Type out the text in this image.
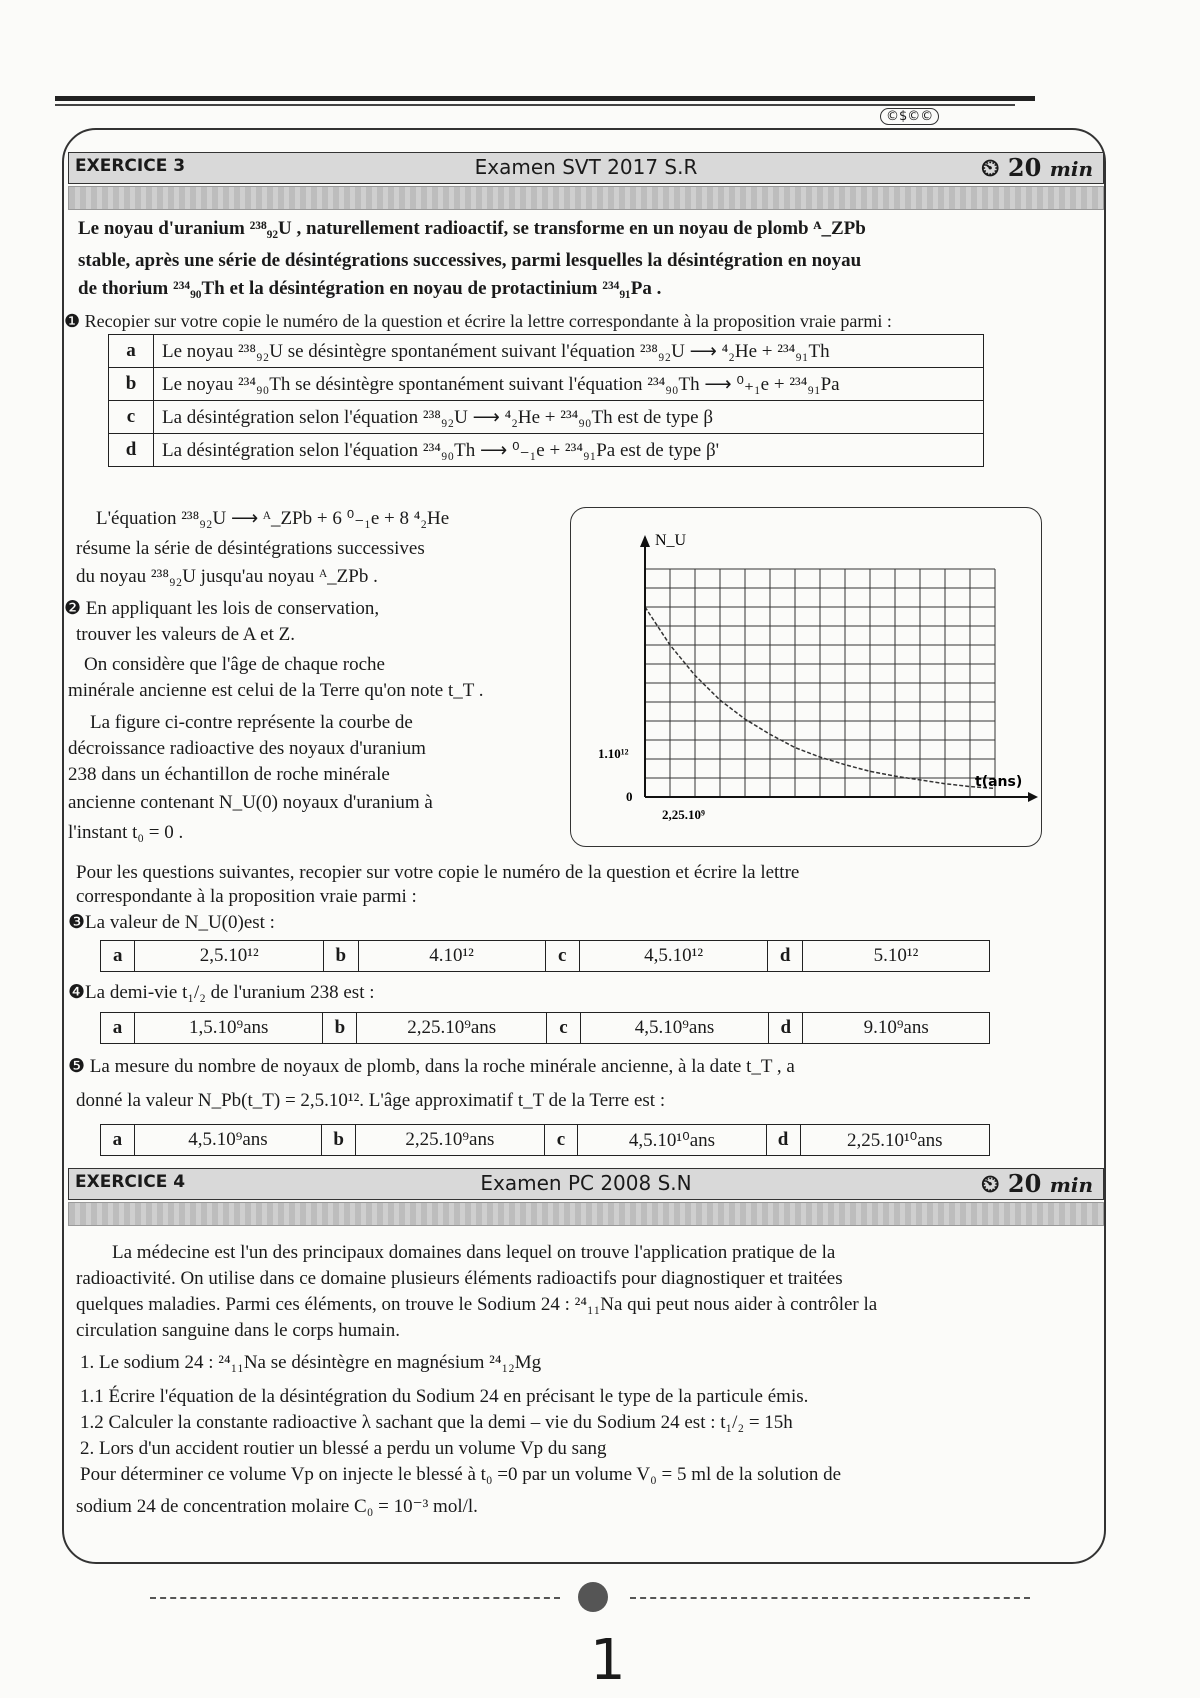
©$©©
EXERCICE 3	Examen SVT 2017 S.R	⏲ 20 min
Le noyau d'uranium ²³⁸₉₂U , naturellement radioactif, se transforme en un noyau de plomb ᴬ_ZPb
stable, après une série de désintégrations successives, parmi lesquelles la désintégration en noyau
de thorium ²³⁴₉₀Th et la désintégration en noyau de protactinium ²³⁴₉₁Pa .
❶ Recopier sur votre copie le numéro de la question et écrire la lettre correspondante à la proposition vraie parmi :
a	Le noyau ²³⁸₉₂U se désintègre spontanément suivant l'équation ²³⁸₉₂U ⟶ ⁴₂He + ²³⁴₉₁Th
b	Le noyau ²³⁴₉₀Th se désintègre spontanément suivant l'équation ²³⁴₉₀Th ⟶ ⁰₊₁e + ²³⁴₉₁Pa
c	La désintégration selon l'équation ²³⁸₉₂U ⟶ ⁴₂He + ²³⁴₉₀Th est de type β
d	La désintégration selon l'équation ²³⁴₉₀Th ⟶ ⁰₋₁e + ²³⁴₉₁Pa est de type β'
L'équation ²³⁸₉₂U ⟶ ᴬ_ZPb + 6 ⁰₋₁e + 8 ⁴₂He
résume la série de désintégrations successives
du noyau ²³⁸₉₂U jusqu'au noyau ᴬ_ZPb .
❷ En appliquant les lois de conservation,
trouver les valeurs de A et Z.
On considère que l'âge de chaque roche
minérale ancienne est celui de la Terre qu'on note t_T .
La figure ci-contre représente la courbe de
décroissance radioactive des noyaux d'uranium
238 dans un échantillon de roche minérale
ancienne contenant N_U(0) noyaux d'uranium à
l'instant t₀ = 0 .
N_U
t(ans)
1.10¹²
0
2,25.10⁹
Pour les questions suivantes, recopier sur votre copie le numéro de la question et écrire la lettre
correspondante à la proposition vraie parmi :
❸La valeur de N_U(0)est :
a	2,5.10¹²	b	4.10¹²	c	4,5.10¹²	d	5.10¹²
❹La demi-vie t₁/₂ de l'uranium 238 est :
a	1,5.10⁹ans	b	2,25.10⁹ans	c	4,5.10⁹ans	d	9.10⁹ans
❺ La mesure du nombre de noyaux de plomb, dans la roche minérale ancienne, à la date t_T , a
donné la valeur N_Pb(t_T) = 2,5.10¹². L'âge approximatif t_T de la Terre est :
a	4,5.10⁹ans	b	2,25.10⁹ans	c	4,5.10¹⁰ans	d	2,25.10¹⁰ans
EXERCICE 4	Examen PC 2008 S.N	⏲ 20 min
La médecine est l'un des principaux domaines dans lequel on trouve l'application pratique de la
radioactivité. On utilise dans ce domaine plusieurs éléments radioactifs pour diagnostiquer et traitées
quelques maladies. Parmi ces éléments, on trouve le Sodium 24 : ²⁴₁₁Na qui peut nous aider à contrôler la
circulation sanguine dans le corps humain.
1. Le sodium 24 : ²⁴₁₁Na se désintègre en magnésium ²⁴₁₂Mg
1.1 Écrire l'équation de la désintégration du Sodium 24 en précisant le type de la particule émis.
1.2 Calculer la constante radioactive λ sachant que la demi – vie du Sodium 24 est : t₁/₂ = 15h
2. Lors d'un accident routier un blessé a perdu un volume Vp du sang
Pour déterminer ce volume Vp on injecte le blessé à t₀ =0 par un volume V₀ = 5 ml de la solution de
sodium 24 de concentration molaire C₀ = 10⁻³ mol/l.
1
